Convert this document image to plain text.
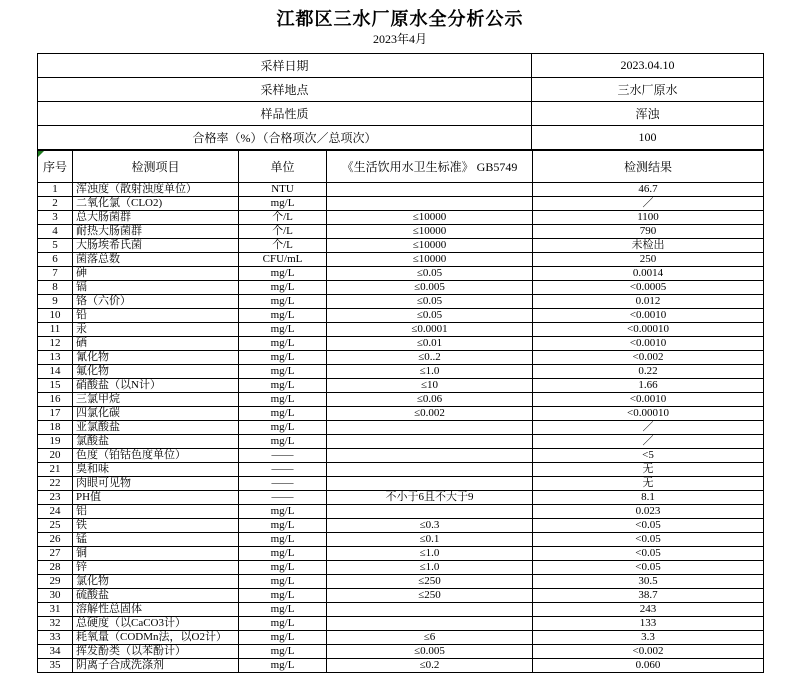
江都区三水厂原水全分析公示
2023年4月
采样日期	2023.04.10
采样地点	三水厂原水
样品性质	浑浊
合格率（%）（合格项次／总项次）	100
序号	检测项目	单位	《生活饮用水卫生标准》 GB5749	检测结果
1	浑浊度（散射浊度单位）	NTU		46.7
2	二氧化氯（CLO2)	mg/L		／
3	总大肠菌群	个/L	≤10000	1100
4	耐热大肠菌群	个/L	≤10000	790
5	大肠埃希氏菌	个/L	≤10000	未检出
6	菌落总数	CFU/mL	≤10000	250
7	砷	mg/L	≤0.05	0.0014
8	镉	mg/L	≤0.005	<0.0005
9	铬（六价）	mg/L	≤0.05	0.012
10	铅	mg/L	≤0.05	<0.0010
11	汞	mg/L	≤0.0001	<0.00010
12	硒	mg/L	≤0.01	<0.0010
13	氰化物	mg/L	≤0..2	<0.002
14	氟化物	mg/L	≤1.0	0.22
15	硝酸盐（以N计）	mg/L	≤10	1.66
16	三氯甲烷	mg/L	≤0.06	<0.0010
17	四氯化碳	mg/L	≤0.002	<0.00010
18	亚氯酸盐	mg/L		／
19	氯酸盐	mg/L		／
20	色度（铂钴色度单位）	——		<5
21	臭和味	——		无
22	肉眼可见物	——		无
23	PH值	——	不小于6且不大于9	8.1
24	铝	mg/L		0.023
25	铁	mg/L	≤0.3	<0.05
26	锰	mg/L	≤0.1	<0.05
27	铜	mg/L	≤1.0	<0.05
28	锌	mg/L	≤1.0	<0.05
29	氯化物	mg/L	≤250	30.5
30	硫酸盐	mg/L	≤250	38.7
31	溶解性总固体	mg/L		243
32	总硬度（以CaCO3计）	mg/L		133
33	耗氧量（CODMn法，以O2计）	mg/L	≤6	3.3
34	挥发酚类（以苯酚计）	mg/L	≤0.005	<0.002
35	阴离子合成洗涤剂	mg/L	≤0.2	0.060
